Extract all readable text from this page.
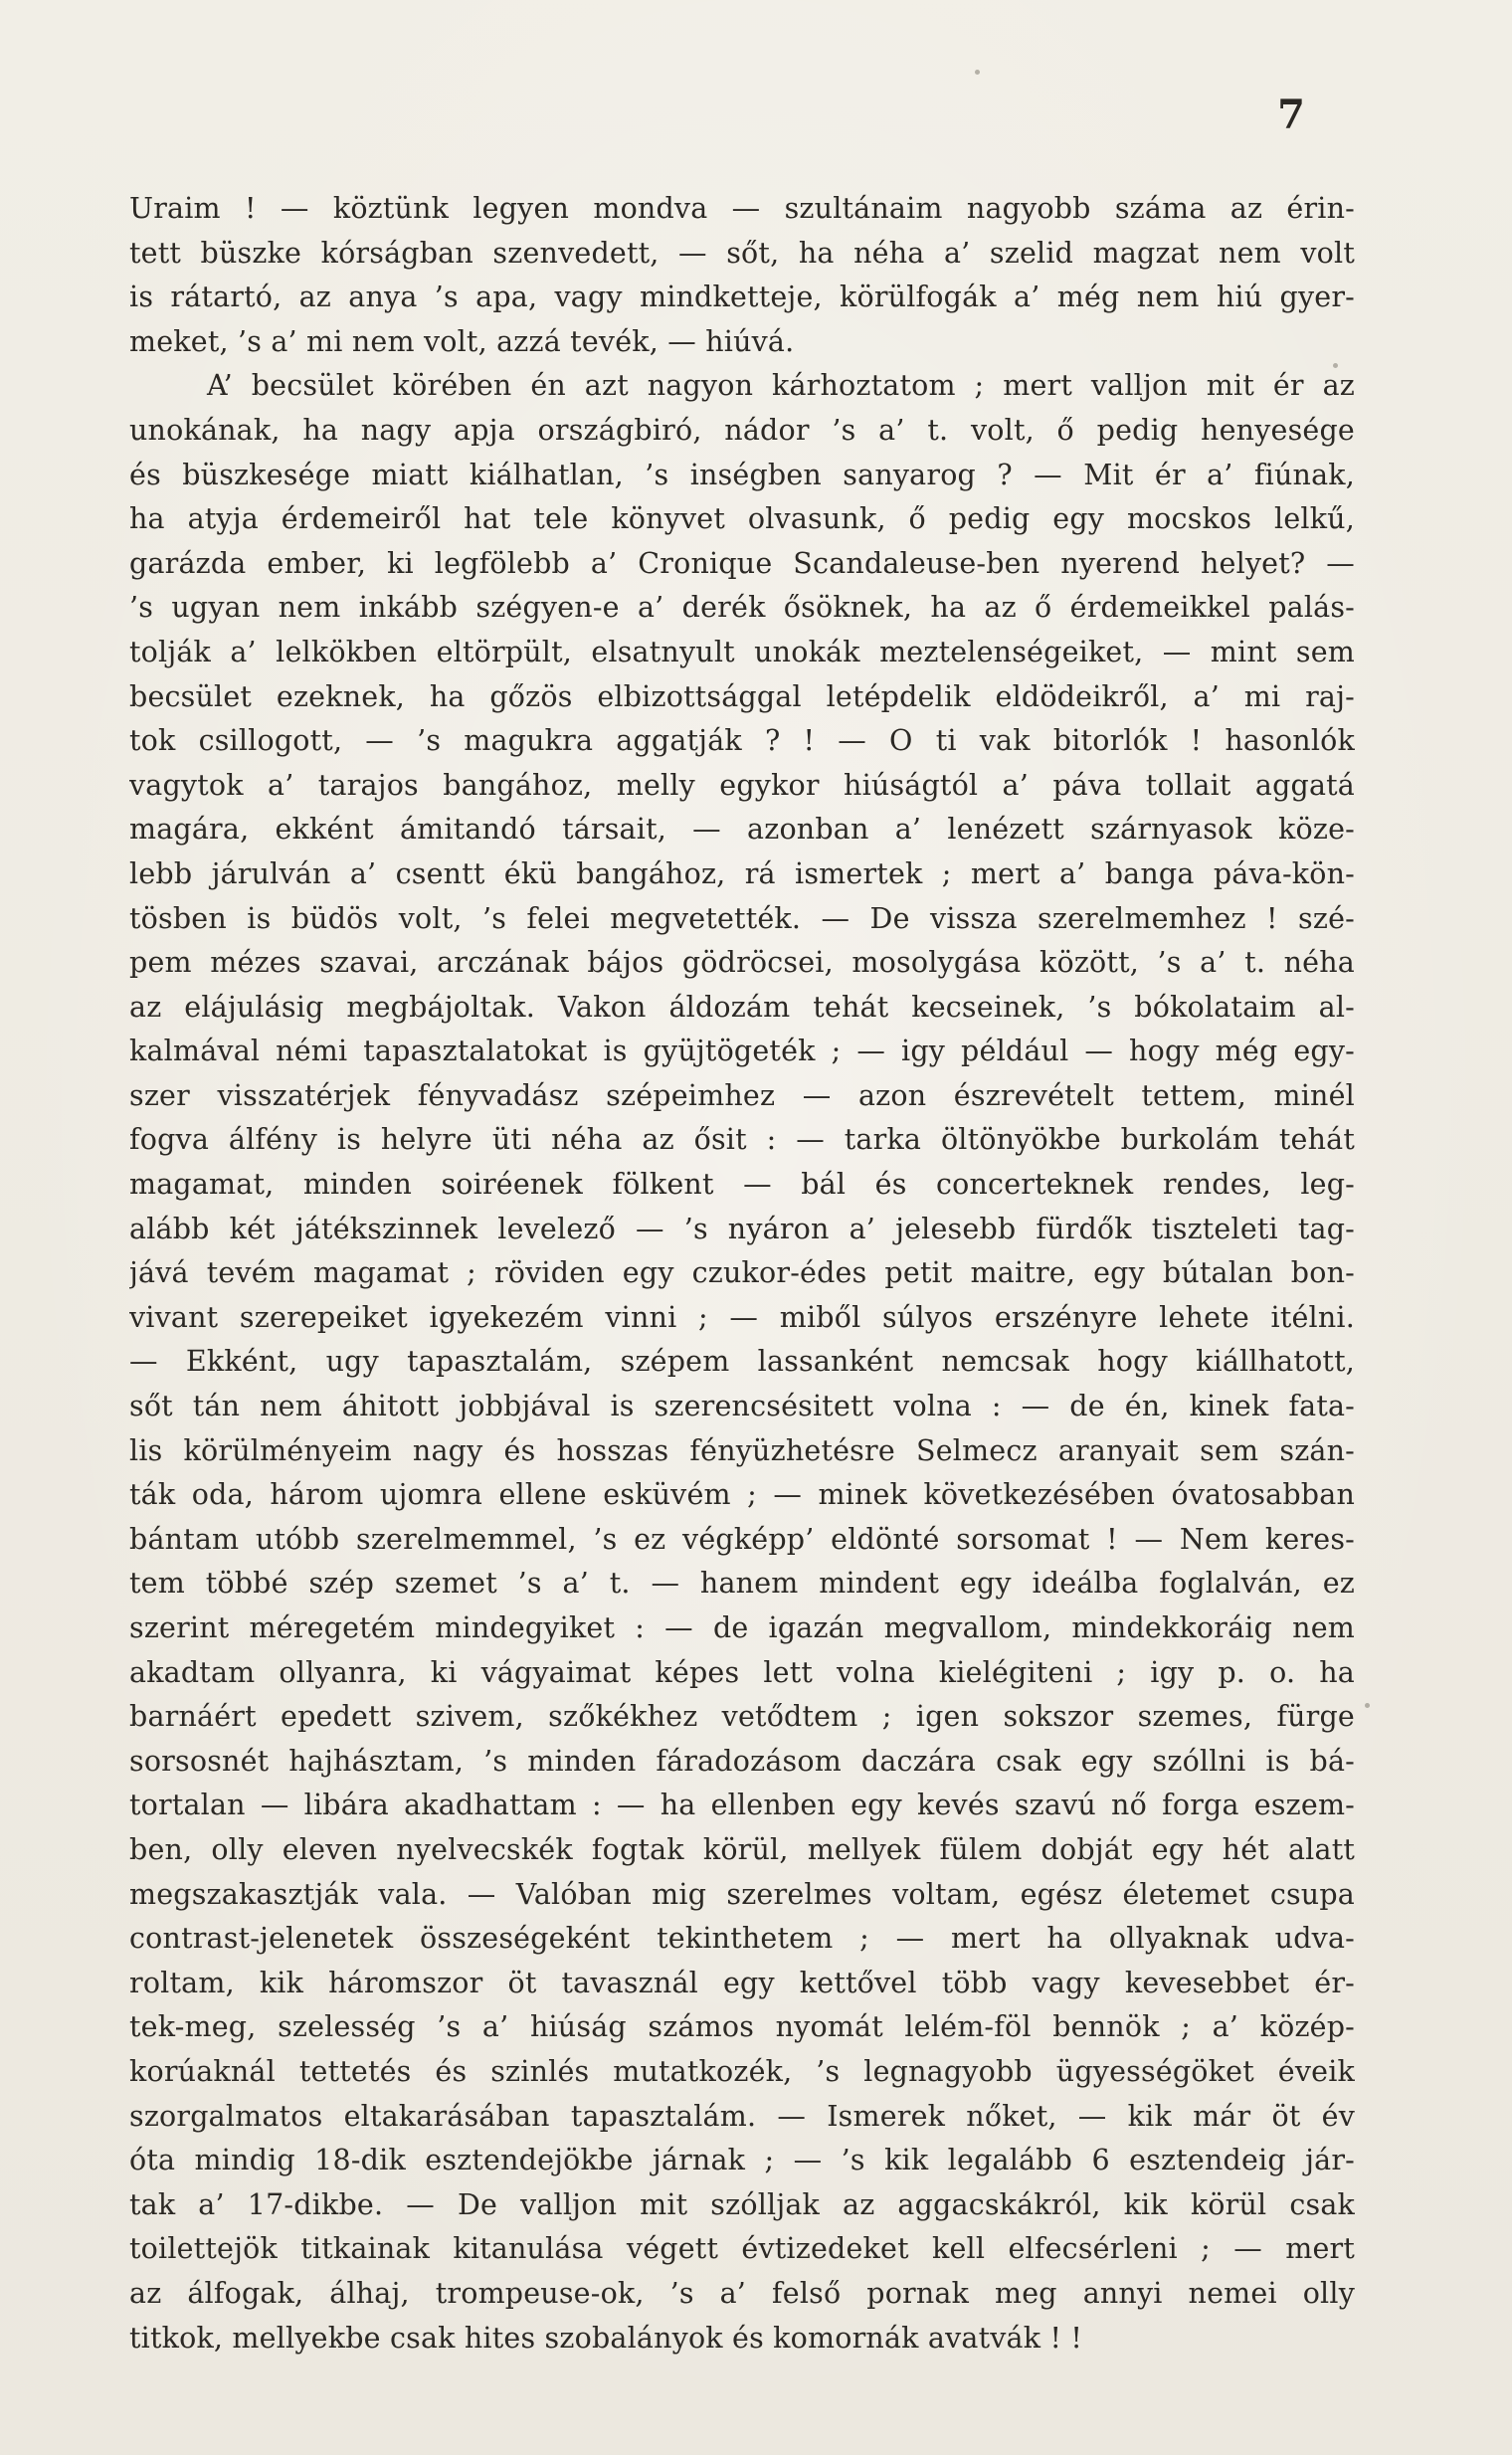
7
Uraim ! — köztünk legyen mondva — szultánaim nagyobb száma az érin-
tett büszke kórságban szenvedett, — sőt, ha néha a’ szelid magzat nem volt
is rátartó, az anya ’s apa, vagy mindketteje, körülfogák a’ még nem hiú gyer-
meket, ’s a’ mi nem volt, azzá tevék, — hiúvá.
A’ becsület körében én azt nagyon kárhoztatom ; mert valljon mit ér az
unokának, ha nagy apja országbiró, nádor ’s a’ t. volt, ő pedig henyesége
és büszkesége miatt kiálhatlan, ’s inségben sanyarog ? — Mit ér a’ fiúnak,
ha atyja érdemeiről hat tele könyvet olvasunk, ő pedig egy mocskos lelkű,
garázda ember, ki legfölebb a’ Cronique Scandaleuse-ben nyerend helyet? —
’s ugyan nem inkább szégyen-e a’ derék ősöknek, ha az ő érdemeikkel palás-
tolják a’ lelkökben eltörpült, elsatnyult unokák meztelenségeiket, — mint sem
becsület ezeknek, ha gőzös elbizottsággal letépdelik eldödeikről, a’ mi raj-
tok csillogott, — ’s magukra aggatják ? ! — O ti vak bitorlók ! hasonlók
vagytok a’ tarajos bangához, melly egykor hiúságtól a’ páva tollait aggatá
magára, ekként ámitandó társait, — azonban a’ lenézett szárnyasok köze-
lebb járulván a’ csentt ékü bangához, rá ismertek ; mert a’ banga páva-kön-
tösben is büdös volt, ’s felei megvetették. — De vissza szerelmemhez ! szé-
pem mézes szavai, arczának bájos gödröcsei, mosolygása között, ’s a’ t. néha
az elájulásig megbájoltak. Vakon áldozám tehát kecseinek, ’s bókolataim al-
kalmával némi tapasztalatokat is gyüjtögeték ; — igy például — hogy még egy-
szer visszatérjek fényvadász szépeimhez — azon észrevételt tettem, minél
fogva álfény is helyre üti néha az ősit : — tarka öltönyökbe burkolám tehát
magamat, minden soiréenek fölkent — bál és concerteknek rendes, leg-
alább két játékszinnek levelező — ’s nyáron a’ jelesebb fürdők tiszteleti tag-
jává tevém magamat ; röviden egy czukor-édes petit maitre, egy bútalan bon-
vivant szerepeiket igyekezém vinni ; — miből súlyos erszényre lehete itélni.
— Ekként, ugy tapasztalám, szépem lassanként nemcsak hogy kiállhatott,
sőt tán nem áhitott jobbjával is szerencsésitett volna : — de én, kinek fata-
lis körülményeim nagy és hosszas fényüzhetésre Selmecz aranyait sem szán-
ták oda, három ujomra ellene esküvém ; — minek következésében óvatosabban
bántam utóbb szerelmemmel, ’s ez végképp’ eldönté sorsomat ! — Nem keres-
tem többé szép szemet ’s a’ t. — hanem mindent egy ideálba foglalván, ez
szerint méregetém mindegyiket : — de igazán megvallom, mindekkoráig nem
akadtam ollyanra, ki vágyaimat képes lett volna kielégiteni ; igy p. o. ha
barnáért epedett szivem, szőkékhez vetődtem ; igen sokszor szemes, fürge
sorsosnét hajhásztam, ’s minden fáradozásom daczára csak egy szóllni is bá-
tortalan — libára akadhattam : — ha ellenben egy kevés szavú nő forga eszem-
ben, olly eleven nyelvecskék fogtak körül, mellyek fülem dobját egy hét alatt
megszakasztják vala. — Valóban mig szerelmes voltam, egész életemet csupa
contrast-jelenetek összeségeként tekinthetem ; — mert ha ollyaknak udva-
roltam, kik háromszor öt tavasznál egy kettővel több vagy kevesebbet ér-
tek-meg, szelesség ’s a’ hiúság számos nyomát lelém-föl bennök ; a’ közép-
korúaknál tettetés és szinlés mutatkozék, ’s legnagyobb ügyességöket éveik
szorgalmatos eltakarásában tapasztalám. — Ismerek nőket, — kik már öt év
óta mindig 18-dik esztendejökbe járnak ; — ’s kik legalább 6 esztendeig jár-
tak a’ 17-dikbe. — De valljon mit szólljak az aggacskákról, kik körül csak
toilettejök titkainak kitanulása végett évtizedeket kell elfecsérleni ; — mert
az álfogak, álhaj, trompeuse-ok, ’s a’ felső pornak meg annyi nemei olly
titkok, mellyekbe csak hites szobalányok és komornák avatvák ! !
